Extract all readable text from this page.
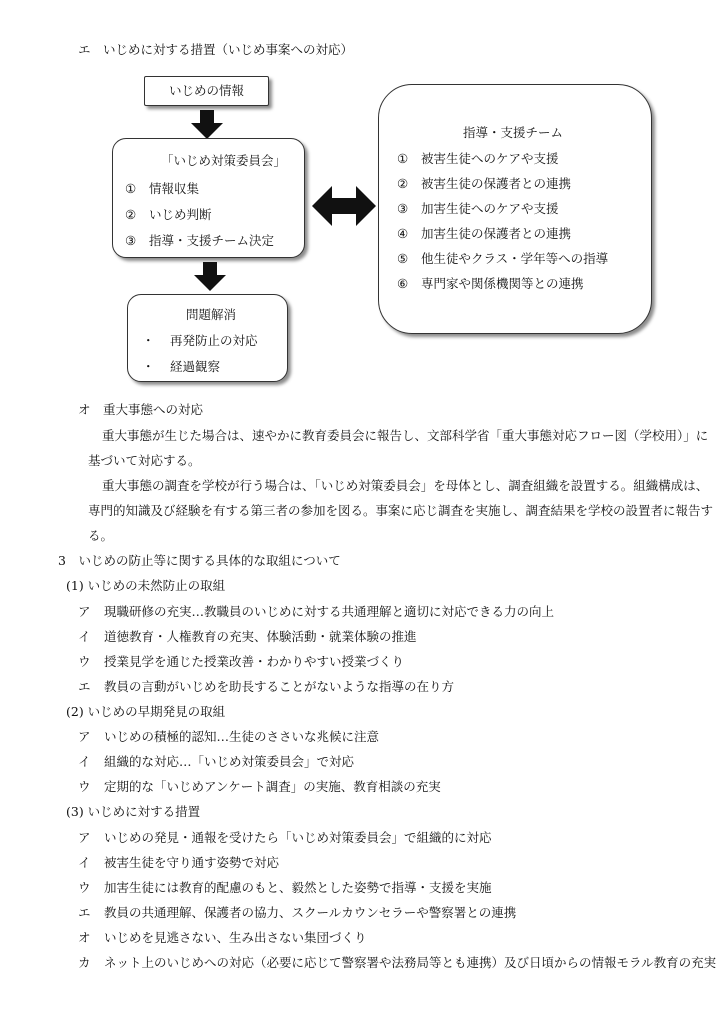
エ　いじめに対する措置（いじめ事案への対応）
いじめの情報
「いじめ対策委員会」
① 情報収集
② いじめ判断
③ 指導・支援チーム決定
問題解消
・ 再発防止の対応
・ 経過観察
指導・支援チーム
① 被害生徒へのケアや支援
② 被害生徒の保護者との連携
③ 加害生徒へのケアや支援
④ 加害生徒の保護者との連携
⑤ 他生徒やクラス・学年等への指導
⑥ 専門家や関係機関等との連携
オ　重大事態への対応
重大事態が生じた場合は、速やかに教育委員会に報告し、文部科学省「重大事態対応フロー図（学校用）」に
基づいて対応する。
重大事態の調査を学校が行う場合は、「いじめ対策委員会」を母体とし、調査組織を設置する。組織構成は、
専門的知識及び経験を有する第三者の参加を図る。事案に応じ調査を実施し、調査結果を学校の設置者に報告す
る。
3　いじめの防止等に関する具体的な取組について
(1) いじめの未然防止の取組
ア 現職研修の充実…教職員のいじめに対する共通理解と適切に対応できる力の向上
イ 道徳教育・人権教育の充実、体験活動・就業体験の推進
ウ 授業見学を通じた授業改善・わかりやすい授業づくり
エ 教員の言動がいじめを助長することがないような指導の在り方
(2) いじめの早期発見の取組
ア いじめの積極的認知…生徒のささいな兆候に注意
イ 組織的な対応…「いじめ対策委員会」で対応
ウ 定期的な「いじめアンケート調査」の実施、教育相談の充実
(3) いじめに対する措置
ア いじめの発見・通報を受けたら「いじめ対策委員会」で組織的に対応
イ 被害生徒を守り通す姿勢で対応
ウ 加害生徒には教育的配慮のもと、毅然とした姿勢で指導・支援を実施
エ 教員の共通理解、保護者の協力、スクールカウンセラーや警察署との連携
オ いじめを見逃さない、生み出さない集団づくり
カ ネット上のいじめへの対応（必要に応じて警察署や法務局等とも連携）及び日頃からの情報モラル教育の充実
